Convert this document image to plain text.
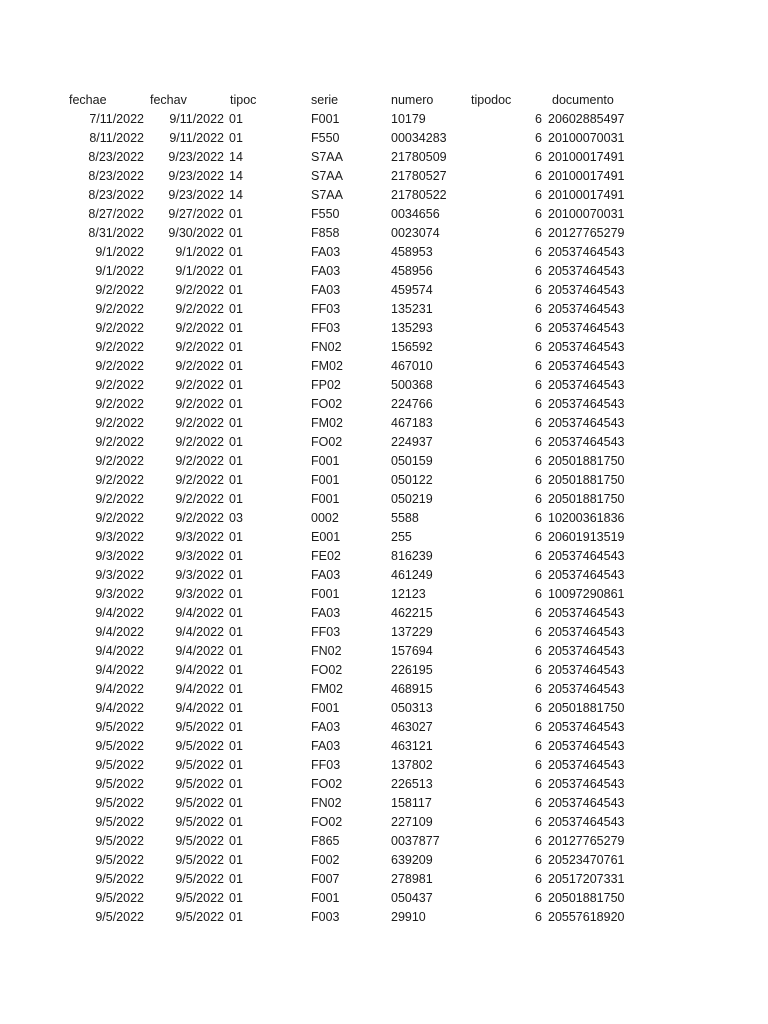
fechae	fechav	tipoc	serie	numero	tipodoc	documento
7/11/2022 9/11/2022 01	F001	10179	6 20602885497
8/11/2022 9/11/2022 01	F550	00034283	6 20100070031
8/23/2022 9/23/2022 14	S7AA	21780509	6 20100017491
8/23/2022 9/23/2022 14	S7AA	21780527	6 20100017491
8/23/2022 9/23/2022 14	S7AA	21780522	6 20100017491
8/27/2022 9/27/2022 01	F550	0034656	6 20100070031
8/31/2022 9/30/2022 01	F858	0023074	6 20127765279
9/1/2022	9/1/2022 01	FA03	458953	6 20537464543
9/1/2022	9/1/2022 01	FA03	458956	6 20537464543
9/2/2022	9/2/2022 01	FA03	459574	6 20537464543
9/2/2022	9/2/2022 01	FF03	135231	6 20537464543
9/2/2022	9/2/2022 01	FF03	135293	6 20537464543
9/2/2022	9/2/2022 01	FN02	156592	6 20537464543
9/2/2022	9/2/2022 01	FM02	467010	6 20537464543
9/2/2022	9/2/2022 01	FP02	500368	6 20537464543
9/2/2022	9/2/2022 01	FO02	224766	6 20537464543
9/2/2022	9/2/2022 01	FM02	467183	6 20537464543
9/2/2022	9/2/2022 01	FO02	224937	6 20537464543
9/2/2022	9/2/2022 01	F001	050159	6 20501881750
9/2/2022	9/2/2022 01	F001	050122	6 20501881750
9/2/2022	9/2/2022 01	F001	050219	6 20501881750
9/2/2022	9/2/2022 03	0002	5588	6 10200361836
9/3/2022	9/3/2022 01	E001	255	6 20601913519
9/3/2022	9/3/2022 01	FE02	816239	6 20537464543
9/3/2022	9/3/2022 01	FA03	461249	6 20537464543
9/3/2022	9/3/2022 01	F001	12123	6 10097290861
9/4/2022	9/4/2022 01	FA03	462215	6 20537464543
9/4/2022	9/4/2022 01	FF03	137229	6 20537464543
9/4/2022	9/4/2022 01	FN02	157694	6 20537464543
9/4/2022	9/4/2022 01	FO02	226195	6 20537464543
9/4/2022	9/4/2022 01	FM02	468915	6 20537464543
9/4/2022	9/4/2022 01	F001	050313	6 20501881750
9/5/2022	9/5/2022 01	FA03	463027	6 20537464543
9/5/2022	9/5/2022 01	FA03	463121	6 20537464543
9/5/2022	9/5/2022 01	FF03	137802	6 20537464543
9/5/2022	9/5/2022 01	FO02	226513	6 20537464543
9/5/2022	9/5/2022 01	FN02	158117	6 20537464543
9/5/2022	9/5/2022 01	FO02	227109	6 20537464543
9/5/2022	9/5/2022 01	F865	0037877	6 20127765279
9/5/2022	9/5/2022 01	F002	639209	6 20523470761
9/5/2022	9/5/2022 01	F007	278981	6 20517207331
9/5/2022	9/5/2022 01	F001	050437	6 20501881750
9/5/2022	9/5/2022 01	F003	29910	6 20557618920
